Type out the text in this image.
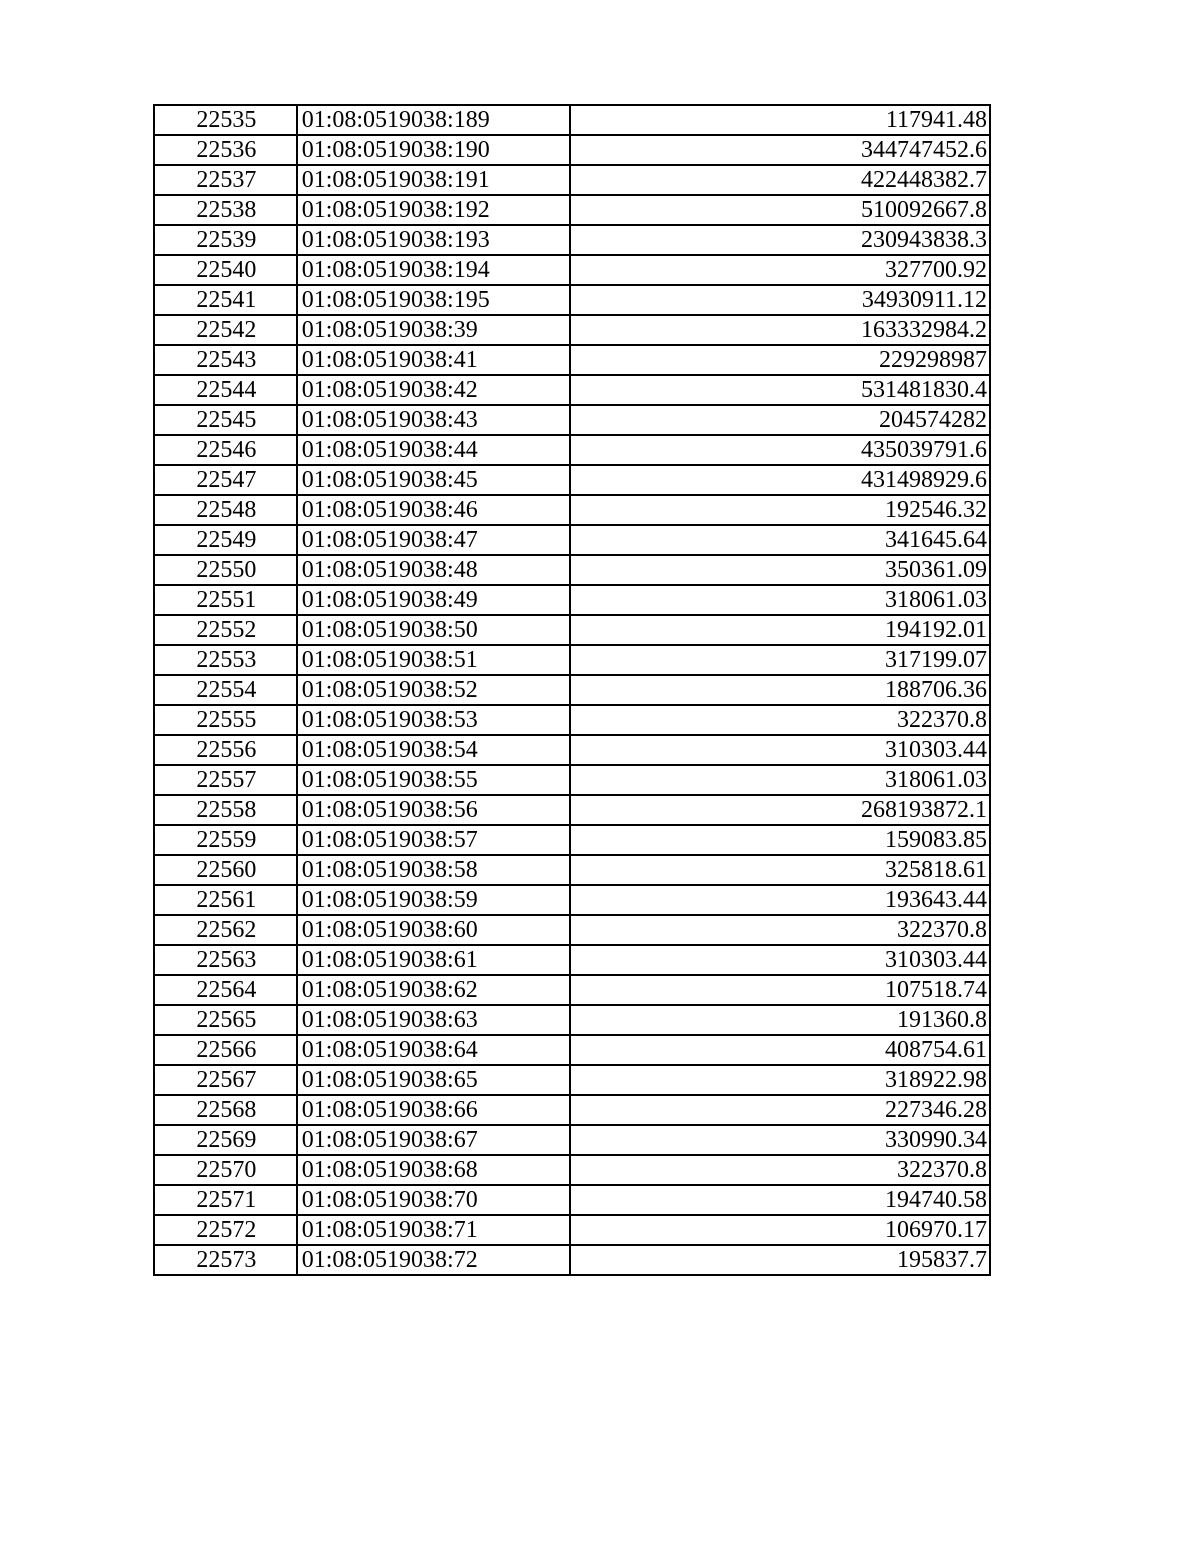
22535	01:08:0519038:189	117941.48
22536	01:08:0519038:190	344747452.6
22537	01:08:0519038:191	422448382.7
22538	01:08:0519038:192	510092667.8
22539	01:08:0519038:193	230943838.3
22540	01:08:0519038:194	327700.92
22541	01:08:0519038:195	34930911.12
22542	01:08:0519038:39	163332984.2
22543	01:08:0519038:41	229298987
22544	01:08:0519038:42	531481830.4
22545	01:08:0519038:43	204574282
22546	01:08:0519038:44	435039791.6
22547	01:08:0519038:45	431498929.6
22548	01:08:0519038:46	192546.32
22549	01:08:0519038:47	341645.64
22550	01:08:0519038:48	350361.09
22551	01:08:0519038:49	318061.03
22552	01:08:0519038:50	194192.01
22553	01:08:0519038:51	317199.07
22554	01:08:0519038:52	188706.36
22555	01:08:0519038:53	322370.8
22556	01:08:0519038:54	310303.44
22557	01:08:0519038:55	318061.03
22558	01:08:0519038:56	268193872.1
22559	01:08:0519038:57	159083.85
22560	01:08:0519038:58	325818.61
22561	01:08:0519038:59	193643.44
22562	01:08:0519038:60	322370.8
22563	01:08:0519038:61	310303.44
22564	01:08:0519038:62	107518.74
22565	01:08:0519038:63	191360.8
22566	01:08:0519038:64	408754.61
22567	01:08:0519038:65	318922.98
22568	01:08:0519038:66	227346.28
22569	01:08:0519038:67	330990.34
22570	01:08:0519038:68	322370.8
22571	01:08:0519038:70	194740.58
22572	01:08:0519038:71	106970.17
22573	01:08:0519038:72	195837.7
